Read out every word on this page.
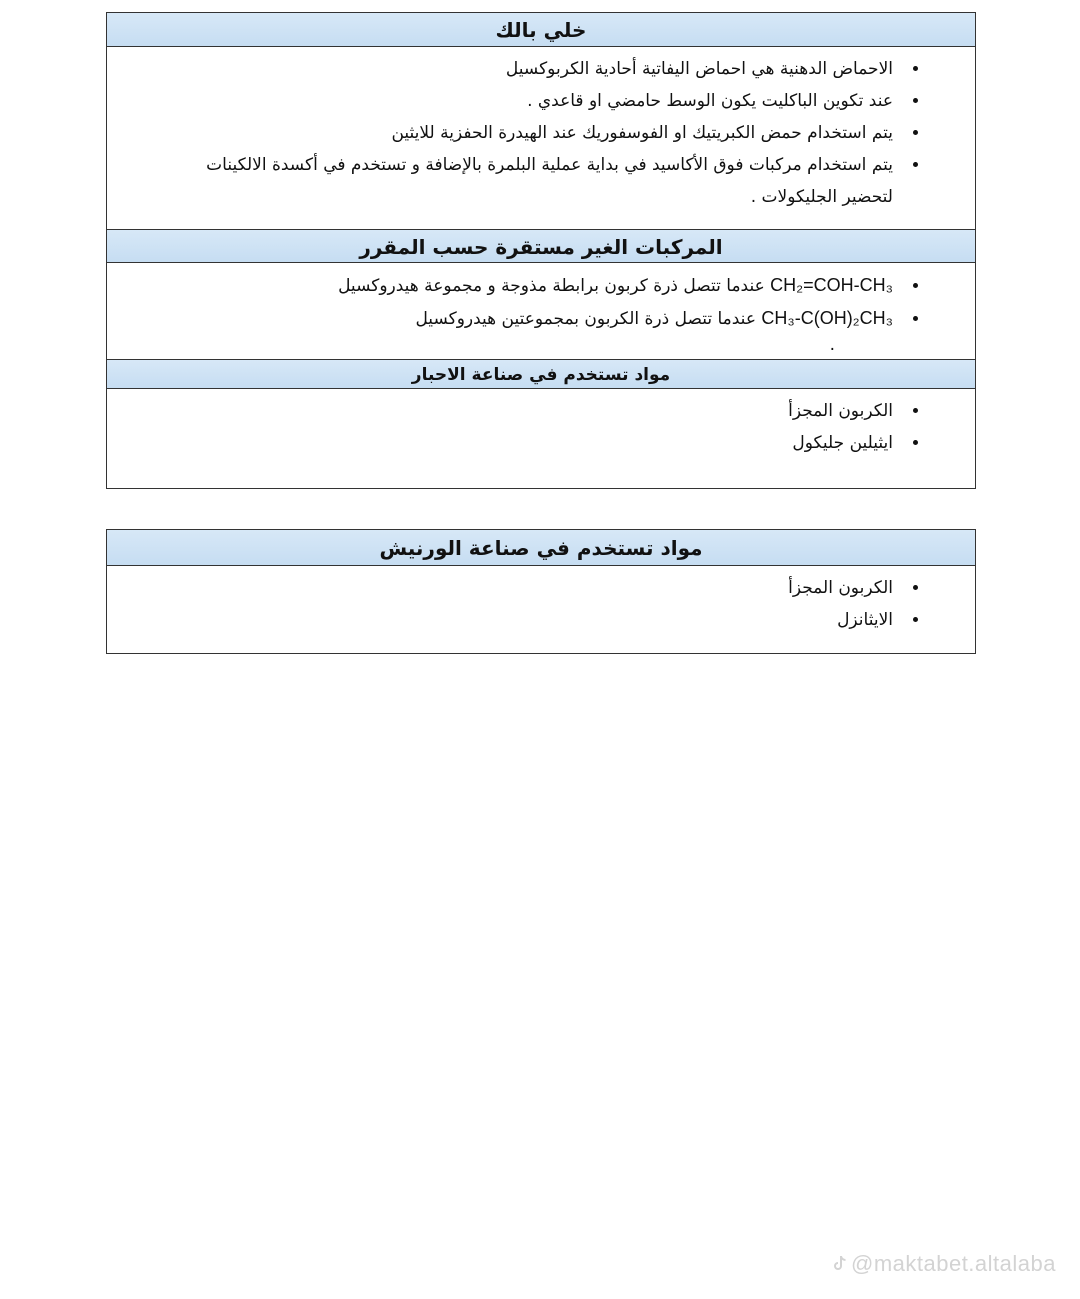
خلي بالك
• الاحماض الدهنية هي احماض اليفاتية أحادية الكربوكسيل
• عند تكوين الباكليت يكون الوسط حامضي او قاعدي .
• يتم استخدام حمض الكبريتيك او الفوسفوريك عند الهيدرة الحفزية للايثين
• يتم استخدام مركبات فوق الأكاسيد في بداية عملية البلمرة بالإضافة و تستخدم في أكسدة الالكينات لتحضير الجليكولات .
المركبات الغير مستقرة حسب المقرر
• CH₂=COH-CH₃ عندما تتصل ذرة كربون برابطة مذوجة و مجموعة هيدروكسيل
• CH₃-C(OH)₂CH₃ عندما تتصل ذرة الكربون بمجموعتين هيدروكسيل
.
مواد تستخدم في صناعة الاحبار
• الكربون المجزأ
• ايثيلين جليكول
مواد تستخدم في صناعة الورنيش
• الكربون المجزأ
• الايثانزل
@maktabet.altalaba
